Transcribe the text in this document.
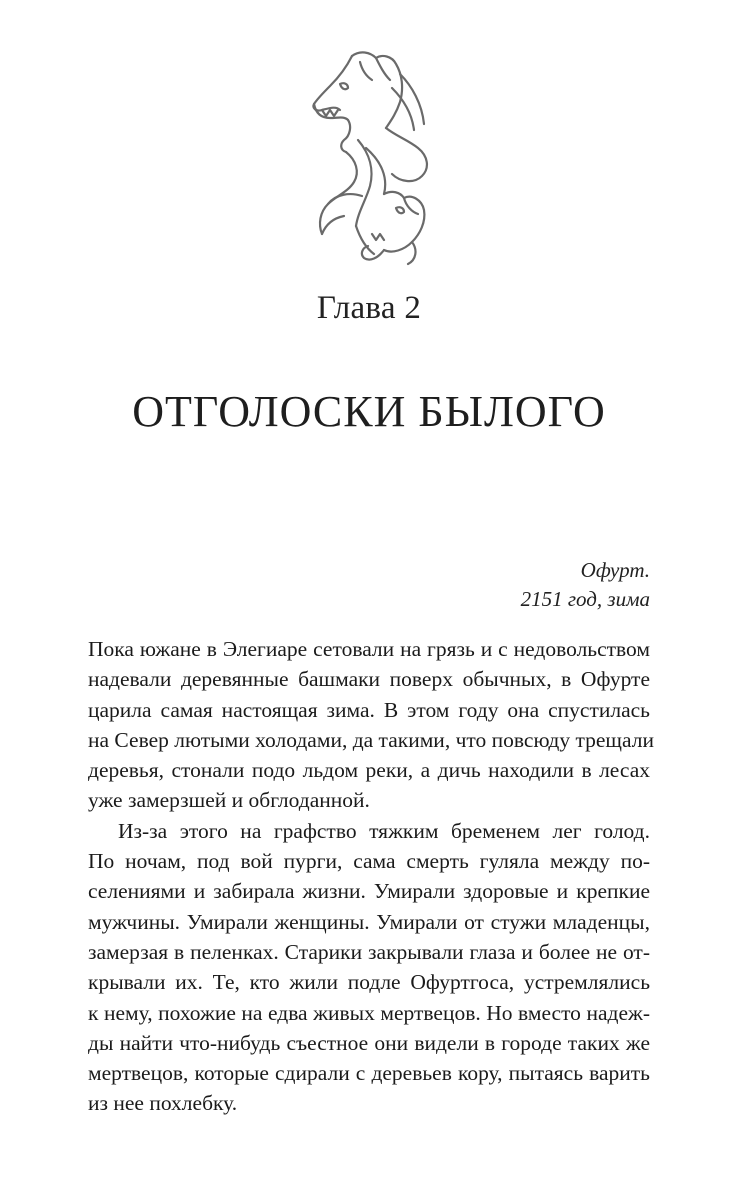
Глава 2
ОТГОЛОСКИ БЫЛОГО
Офурт.
2151 год, зима
Пока южане в Элегиаре сетовали на грязь и с недовольством
надевали деревянные башмаки поверх обычных, в Офурте
царила самая настоящая зима. В этом году она спустилась
на Север лютыми холодами, да такими, что повсюду трещали
деревья, стонали подо льдом реки, а дичь находили в лесах
уже замерзшей и обглоданной.
Из-за этого на графство тяжким бременем лег голод.
По ночам, под вой пурги, сама смерть гуляла между по-
селениями и забирала жизни. Умирали здоровые и крепкие
мужчины. Умирали женщины. Умирали от стужи младенцы,
замерзая в пеленках. Старики закрывали глаза и более не от-
крывали их. Те, кто жили подле Офуртгоса, устремлялись
к нему, похожие на едва живых мертвецов. Но вместо надеж-
ды найти что-нибудь съестное они видели в городе таких же
мертвецов, которые сдирали с деревьев кору, пытаясь варить
из нее похлебку.
